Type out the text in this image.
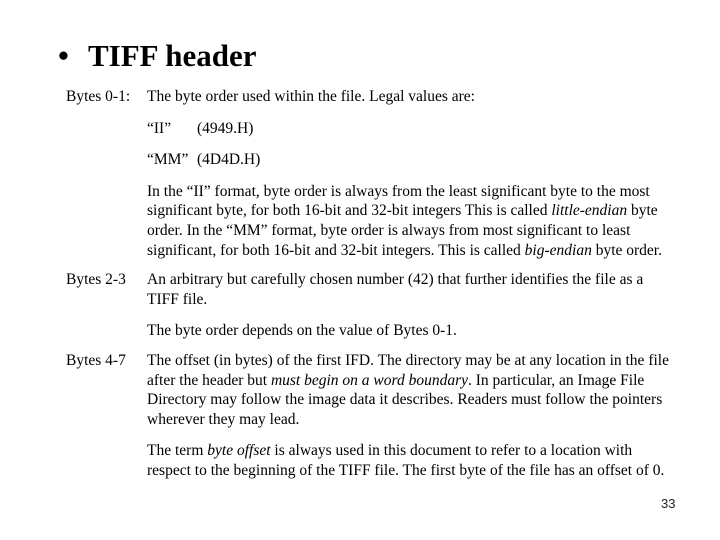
• TIFF header
Bytes 0-1: The byte order used within the file. Legal values are:

“II” (4949.H)

“MM” (4D4D.H)

In the “II” format, byte order is always from the least significant byte to the most significant byte, for both 16-bit and 32-bit integers This is called little-endian byte order. In the “MM” format, byte order is always from most significant to least significant, for both 16-bit and 32-bit integers. This is called big-endian byte order.

Bytes 2-3 An arbitrary but carefully chosen number (42) that further identifies the file as a TIFF file.

The byte order depends on the value of Bytes 0-1.

Bytes 4-7 The offset (in bytes) of the first IFD. The directory may be at any location in the file after the header but must begin on a word boundary. In particular, an Image File Directory may follow the image data it describes. Readers must follow the pointers wherever they may lead.

The term byte offset is always used in this document to refer to a location with respect to the beginning of the TIFF file. The first byte of the file has an offset of 0.

33
